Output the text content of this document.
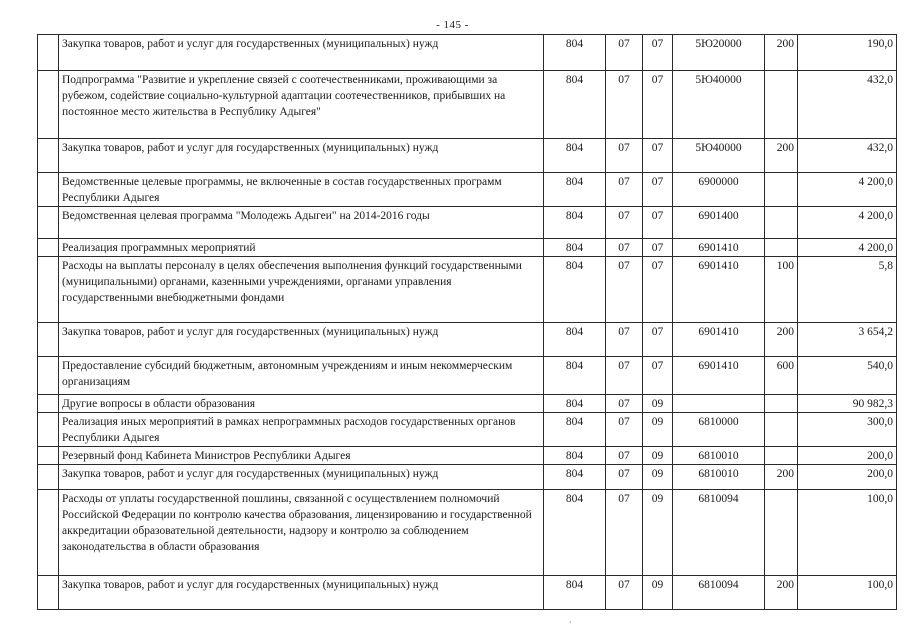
- 145 -
	Закупка товаров, работ и услуг для государственных (муниципальных) нужд	804	07	07	5Ю20000	200	190,0
	Подпрограмма "Развитие и укрепление связей с соотечественниками, проживающими за рубежом, содействие социально-культурной адаптации соотечественников, прибывших на постоянное место жительства в Республику Адыгея"	804	07	07	5Ю40000		432,0
	Закупка товаров, работ и услуг для государственных (муниципальных) нужд	804	07	07	5Ю40000	200	432,0
	Ведомственные целевые программы, не включенные в состав государственных программ Республики Адыгея	804	07	07	6900000		4 200,0
	Ведомственная целевая программа "Молодежь Адыгеи" на 2014-2016 годы	804	07	07	6901400		4 200,0
	Реализация программных мероприятий	804	07	07	6901410		4 200,0
	Расходы на выплаты персоналу в целях обеспечения выполнения функций государственными (муниципальными) органами, казенными учреждениями, органами управления государственными внебюджетными фондами	804	07	07	6901410	100	5,8
	Закупка товаров, работ и услуг для государственных (муниципальных) нужд	804	07	07	6901410	200	3 654,2
	Предоставление субсидий бюджетным, автономным учреждениям и иным некоммерческим организациям	804	07	07	6901410	600	540,0
	Другие вопросы в области образования	804	07	09			90 982,3
	Реализация иных мероприятий в рамках непрограммных расходов государственных органов Республики Адыгея	804	07	09	6810000		300,0
	Резервный фонд Кабинета Министров Республики Адыгея	804	07	09	6810010		200,0
	Закупка товаров, работ и услуг для государственных (муниципальных) нужд	804	07	09	6810010	200	200,0
	Расходы от уплаты государственной пошлины, связанной с осуществлением полномочий Российской Федерации по контролю качества образования, лицензированию и государственной аккредитации образовательной деятельности, надзору и контролю за соблюдением законодательства в области образования	804	07	09	6810094		100,0
	Закупка товаров, работ и услуг для государственных (муниципальных) нужд	804	07	09	6810094	200	100,0
·
